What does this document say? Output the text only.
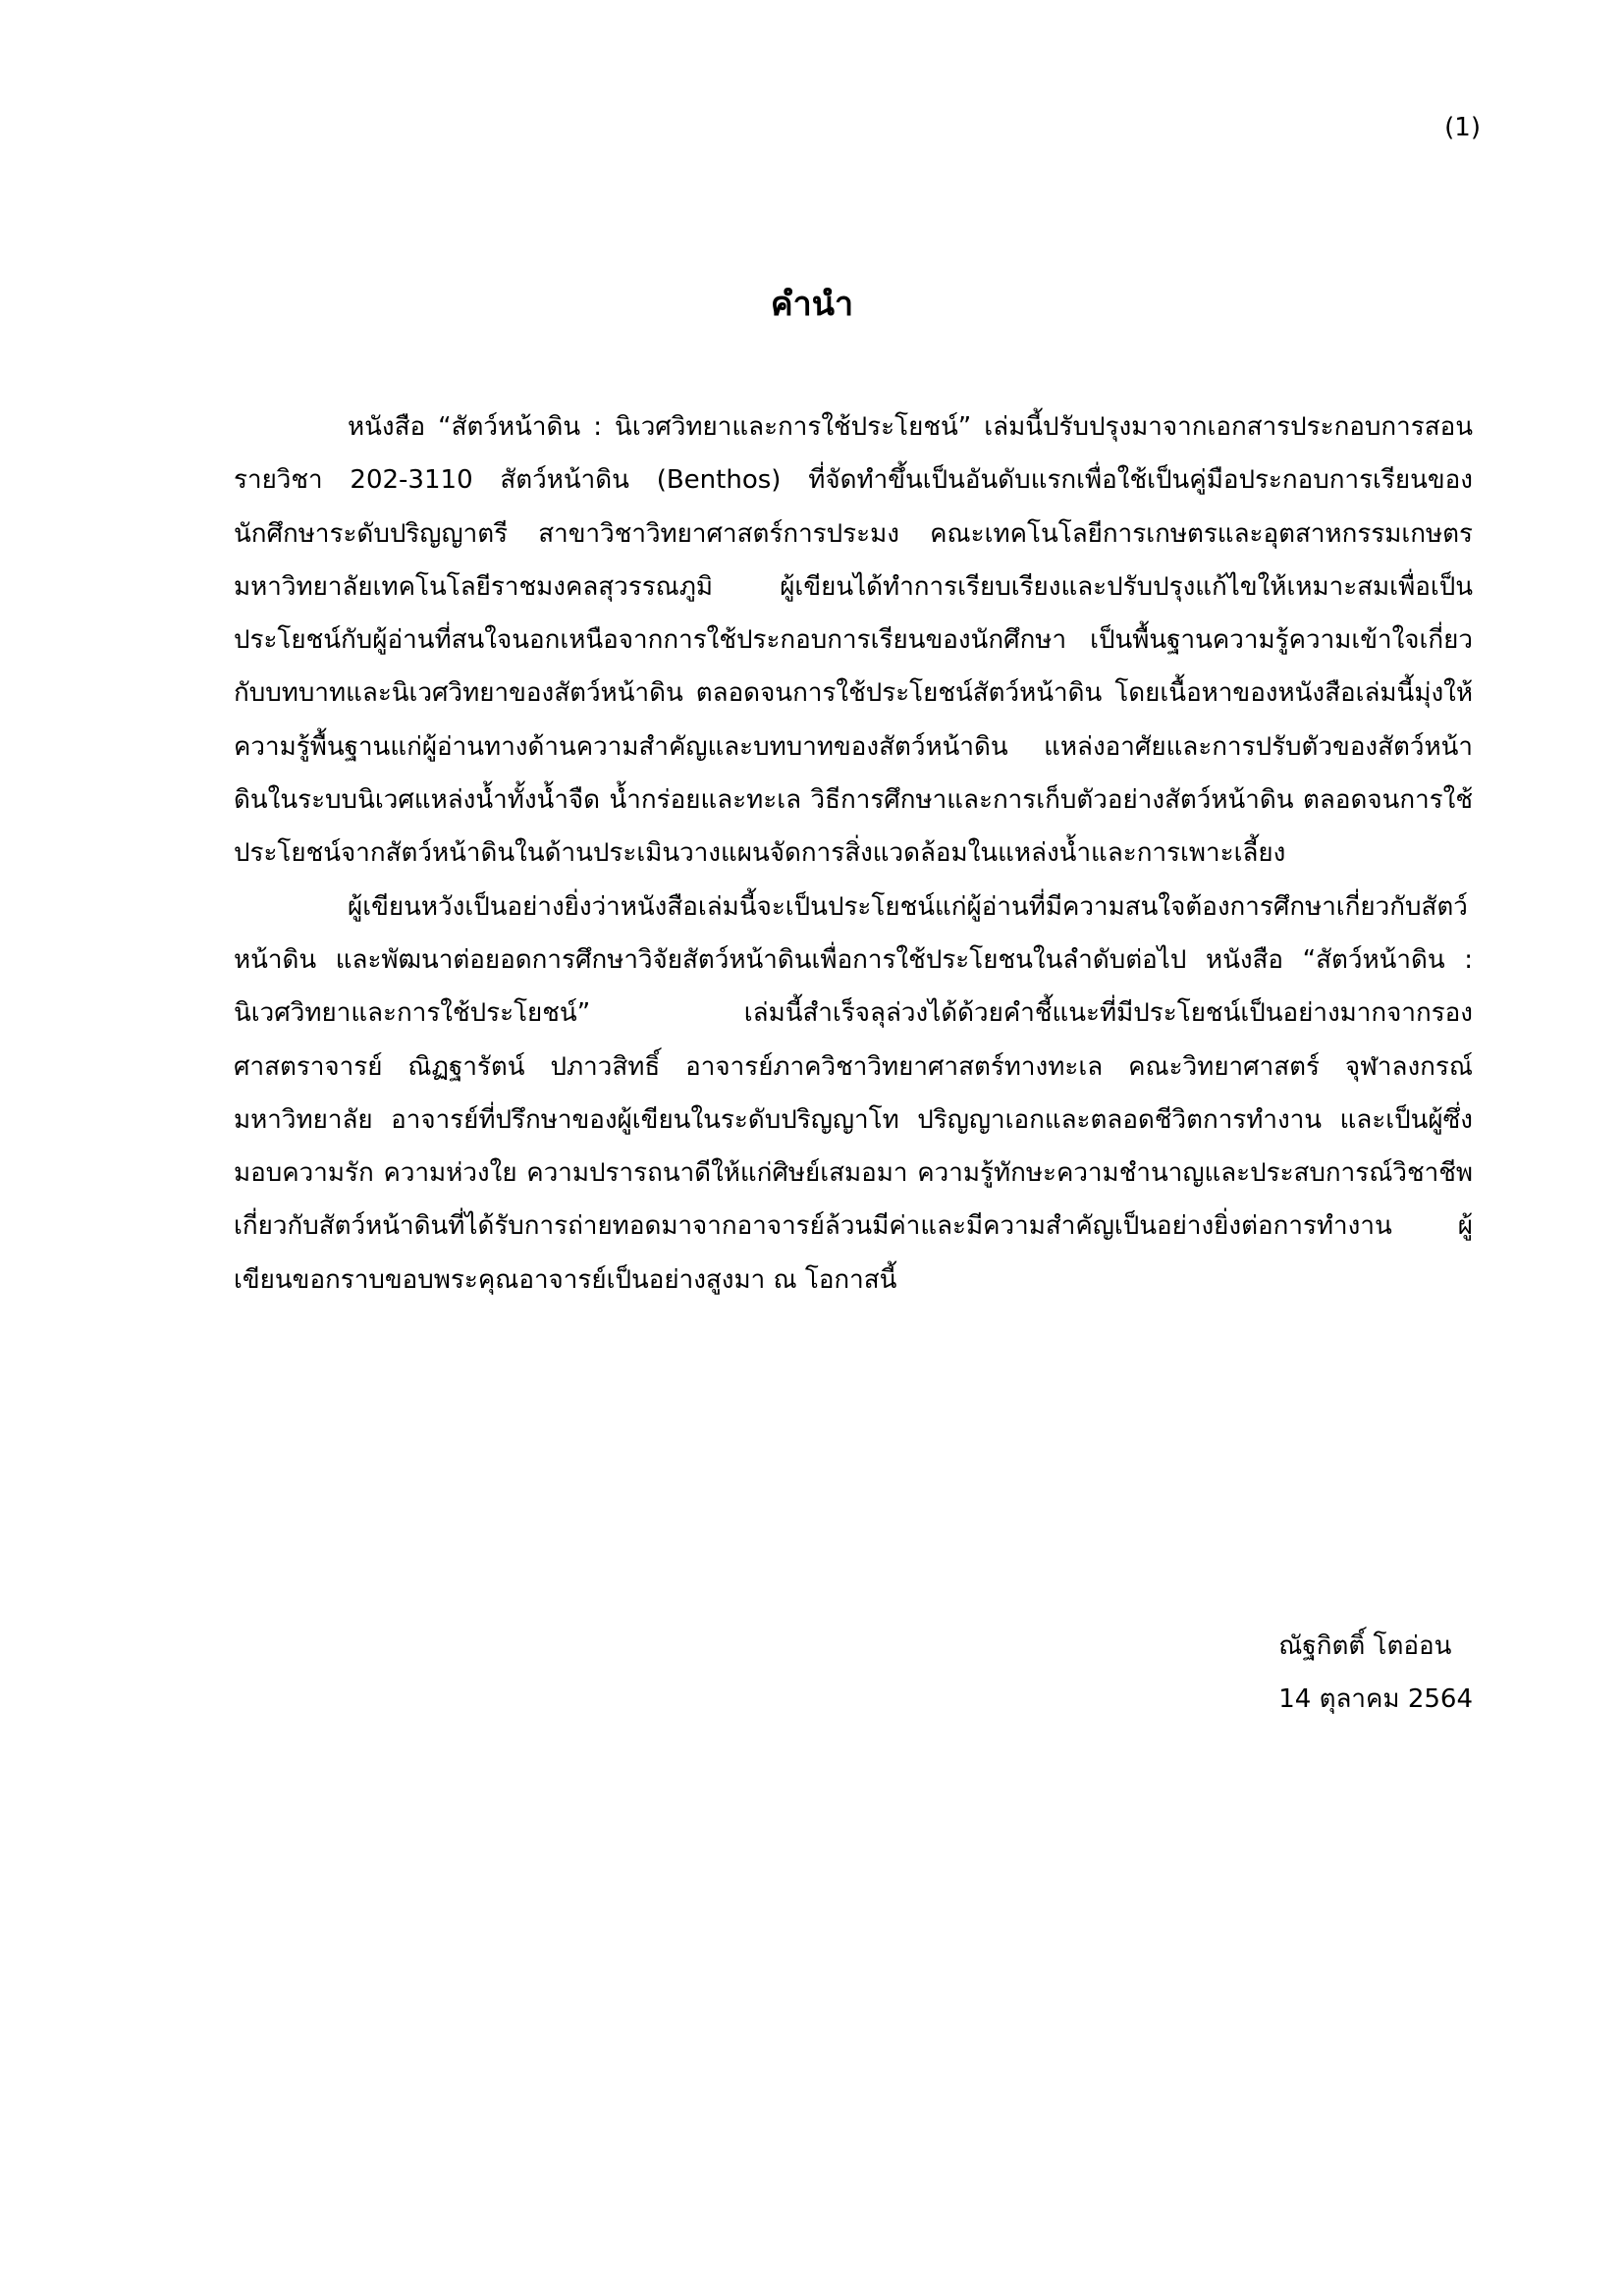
(1)
คำนำ

หนังสือ “สัตว์หน้าดิน : นิเวศวิทยาและการใช้ประโยชน์” เล่มนี้ปรับปรุงมาจากเอกสารประกอบการสอนรายวิชา 202-3110 สัตว์หน้าดิน (Benthos) ที่จัดทำขึ้นเป็นอันดับแรกเพื่อใช้เป็นคู่มือประกอบการเรียนของนักศึกษาระดับปริญญาตรี สาขาวิชาวิทยาศาสตร์การประมง คณะเทคโนโลยีการเกษตรและอุตสาหกรรมเกษตร มหาวิทยาลัยเทคโนโลยีราชมงคลสุวรรณภูมิ ผู้เขียนได้ทำการเรียบเรียงและปรับปรุงแก้ไขให้เหมาะสมเพื่อเป็นประโยชน์กับผู้อ่านที่สนใจนอกเหนือจากการใช้ประกอบการเรียนของนักศึกษา เป็นพื้นฐานความรู้ความเข้าใจเกี่ยวกับบทบาทและนิเวศวิทยาของสัตว์หน้าดิน ตลอดจนการใช้ประโยชน์สัตว์หน้าดิน โดยเนื้อหาของหนังสือเล่มนี้มุ่งให้ความรู้พื้นฐานแก่ผู้อ่านทางด้านความสำคัญและบทบาทของสัตว์หน้าดิน แหล่งอาศัยและการปรับตัวของสัตว์หน้าดินในระบบนิเวศแหล่งน้ำทั้งน้ำจืด น้ำกร่อยและทะเล วิธีการศึกษาและการเก็บตัวอย่างสัตว์หน้าดิน ตลอดจนการใช้ประโยชน์จากสัตว์หน้าดินในด้านประเมินวางแผนจัดการสิ่งแวดล้อมในแหล่งน้ำและการเพาะเลี้ยง

ผู้เขียนหวังเป็นอย่างยิ่งว่าหนังสือเล่มนี้จะเป็นประโยชน์แก่ผู้อ่านที่มีความสนใจต้องการศึกษาเกี่ยวกับสัตว์หน้าดิน และพัฒนาต่อยอดการศึกษาวิจัยสัตว์หน้าดินเพื่อการใช้ประโยชนในลำดับต่อไป หนังสือ “สัตว์หน้าดิน : นิเวศวิทยาและการใช้ประโยชน์” เล่มนี้สำเร็จลุล่วงได้ด้วยคำชี้แนะที่มีประโยชน์เป็นอย่างมากจากรองศาสตราจารย์ ณิฏฐารัตน์ ปภาวสิทธิ์ อาจารย์ภาควิชาวิทยาศาสตร์ทางทะเล คณะวิทยาศาสตร์ จุฬาลงกรณ์มหาวิทยาลัย อาจารย์ที่ปรึกษาของผู้เขียนในระดับปริญญาโท ปริญญาเอกและตลอดชีวิตการทำงาน และเป็นผู้ซึ่งมอบความรัก ความห่วงใย ความปรารถนาดีให้แก่ศิษย์เสมอมา ความรู้ทักษะความชำนาญและประสบการณ์วิชาชีพเกี่ยวกับสัตว์หน้าดินที่ได้รับการถ่ายทอดมาจากอาจารย์ล้วนมีค่าและมีความสำคัญเป็นอย่างยิ่งต่อการทำงาน ผู้เขียนขอกราบขอบพระคุณอาจารย์เป็นอย่างสูงมา ณ โอกาสนี้

ณัฐกิตติ์ โตอ่อน
14 ตุลาคม 2564
